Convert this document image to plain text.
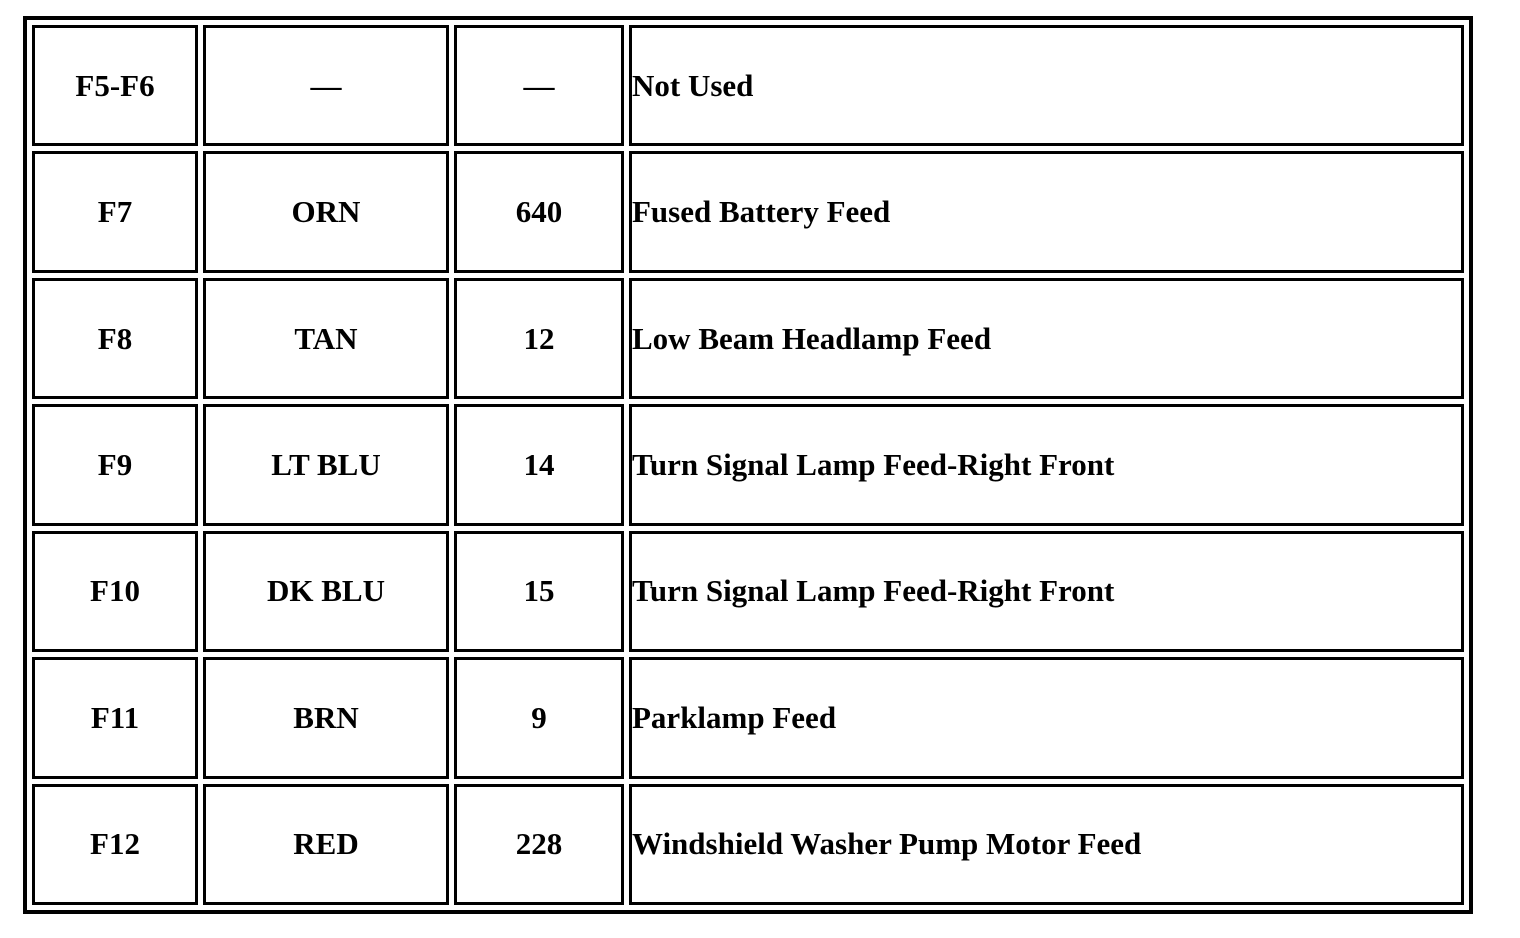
F5-F6	—	—	Not Used
F7	ORN	640	Fused Battery Feed
F8	TAN	12	Low Beam Headlamp Feed
F9	LT BLU	14	Turn Signal Lamp Feed-Right Front
F10	DK BLU	15	Turn Signal Lamp Feed-Right Front
F11	BRN	9	Parklamp Feed
F12	RED	228	Windshield Washer Pump Motor Feed
